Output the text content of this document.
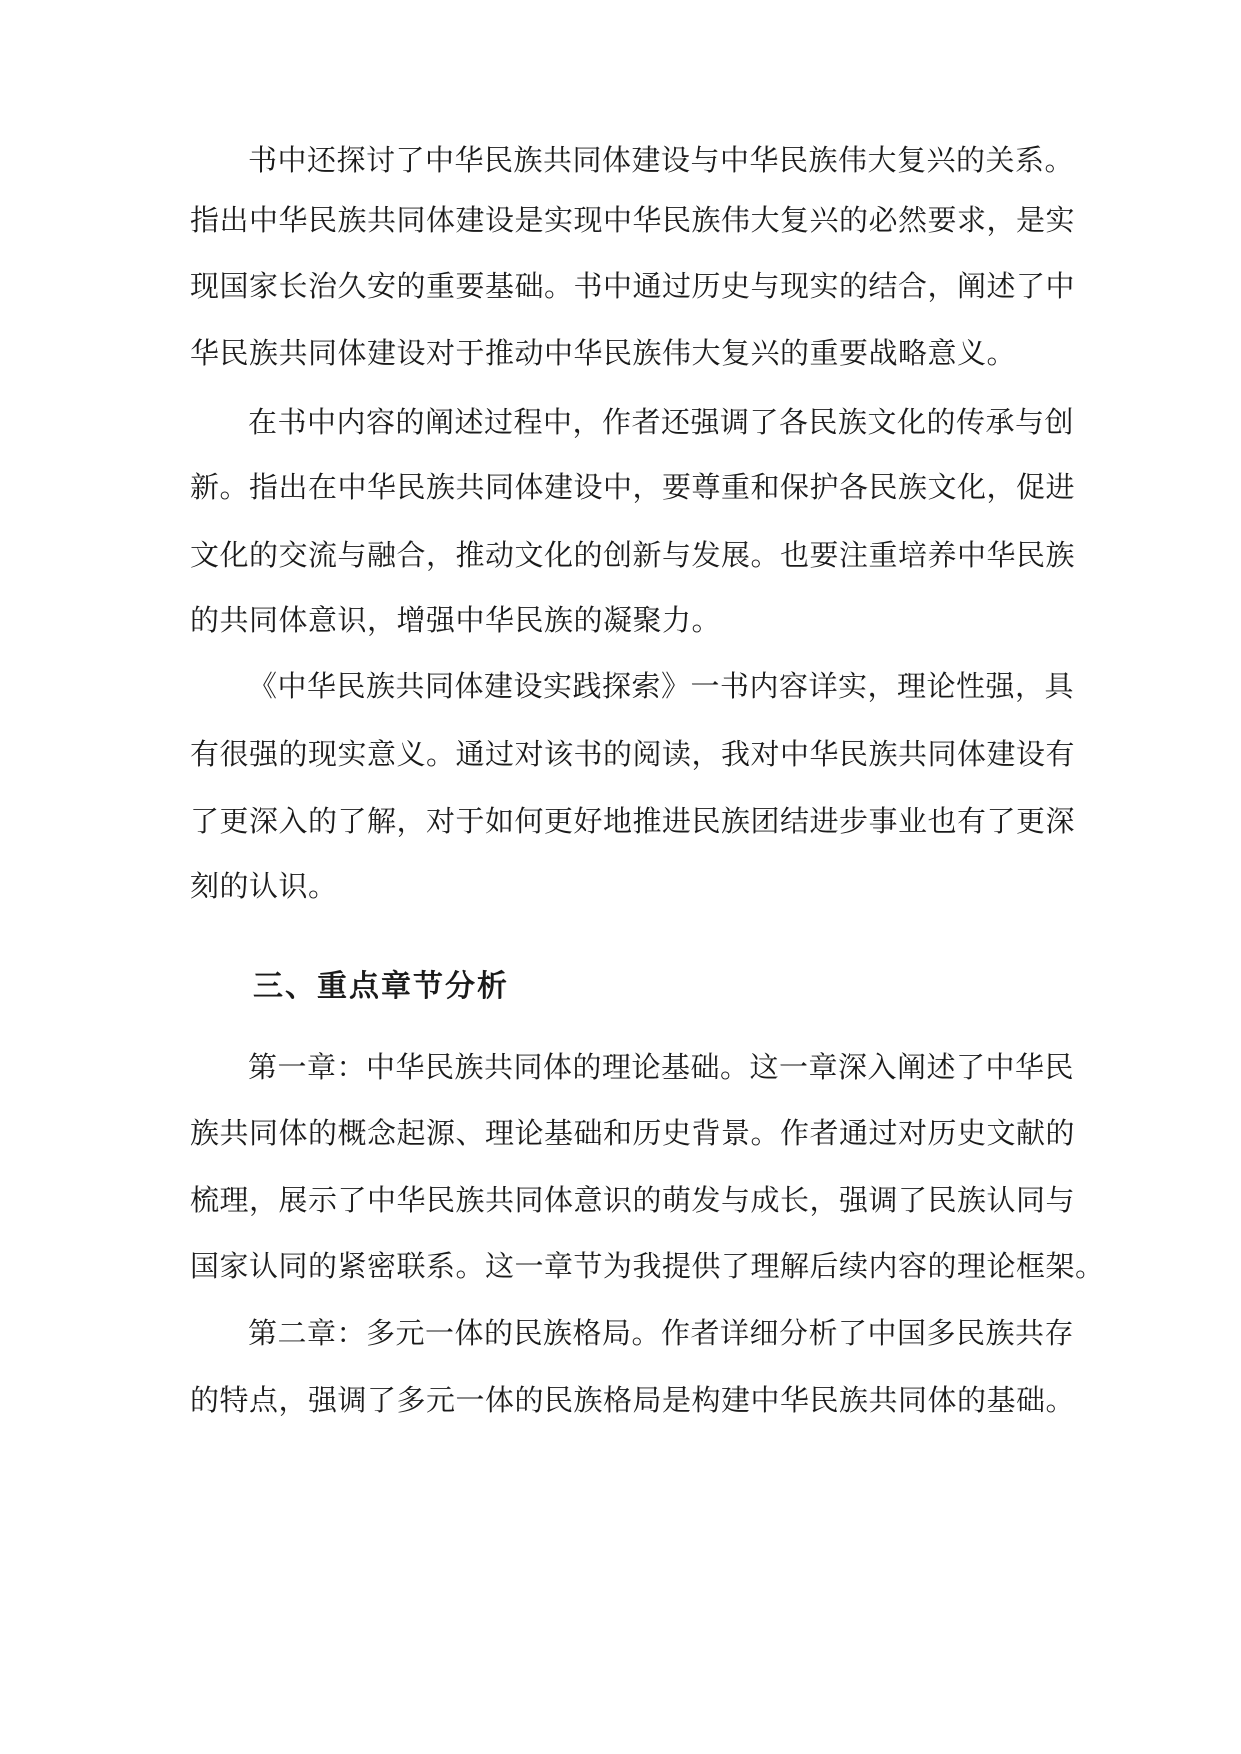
书中还探讨了中华民族共同体建设与中华民族伟大复兴的关系。
指出中华民族共同体建设是实现中华民族伟大复兴的必然要求，是实
现国家长治久安的重要基础。书中通过历史与现实的结合，阐述了中
华民族共同体建设对于推动中华民族伟大复兴的重要战略意义。
在书中内容的阐述过程中，作者还强调了各民族文化的传承与创
新。指出在中华民族共同体建设中，要尊重和保护各民族文化，促进
文化的交流与融合，推动文化的创新与发展。也要注重培养中华民族
的共同体意识，增强中华民族的凝聚力。
《中华民族共同体建设实践探索》一书内容详实，理论性强，具
有很强的现实意义。通过对该书的阅读，我对中华民族共同体建设有
了更深入的了解，对于如何更好地推进民族团结进步事业也有了更深
刻的认识。
三、重点章节分析
第一章：中华民族共同体的理论基础。这一章深入阐述了中华民
族共同体的概念起源、理论基础和历史背景。作者通过对历史文献的
梳理，展示了中华民族共同体意识的萌发与成长，强调了民族认同与
国家认同的紧密联系。这一章节为我提供了理解后续内容的理论框架。
第二章：多元一体的民族格局。作者详细分析了中国多民族共存
的特点，强调了多元一体的民族格局是构建中华民族共同体的基础。
